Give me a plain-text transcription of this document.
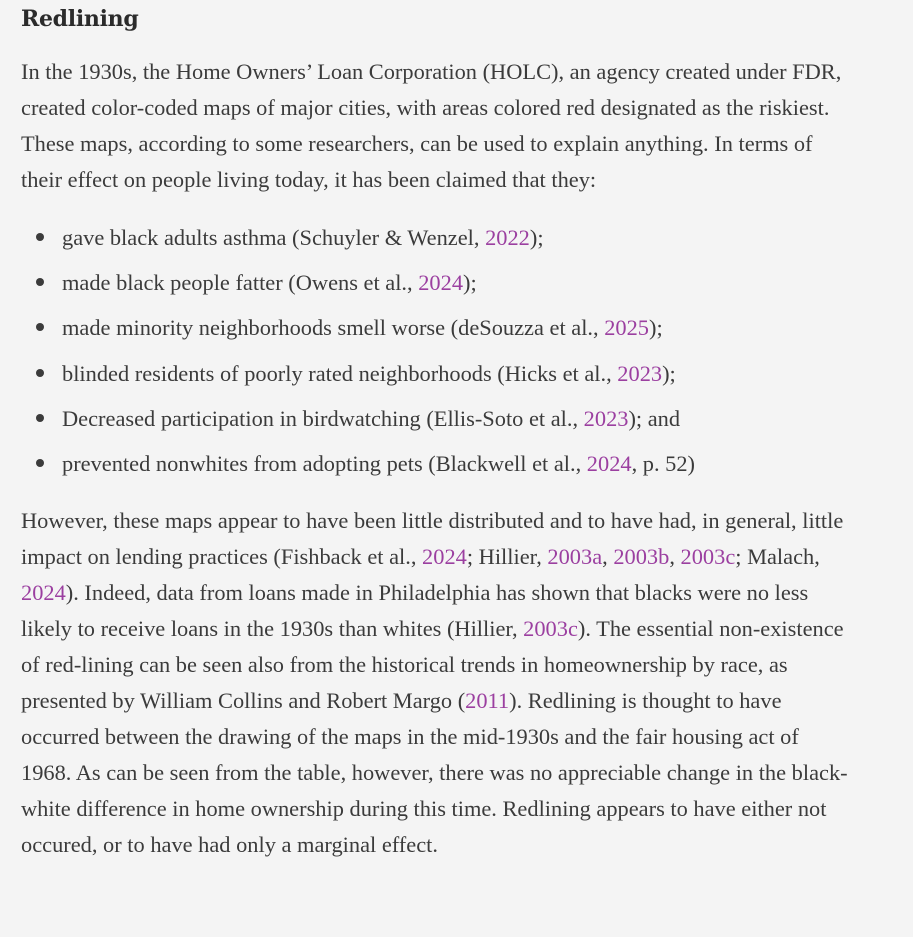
Redlining

In the 1930s, the Home Owners’ Loan Corporation (HOLC), an agency created under FDR, created color-coded maps of major cities, with areas colored red designated as the riskiest. These maps, according to some researchers, can be used to explain anything. In terms of their effect on people living today, it has been claimed that they:

gave black adults asthma (Schuyler & Wenzel, 2022);
made black people fatter (Owens et al., 2024);
made minority neighborhoods smell worse (deSouzza et al., 2025);
blinded residents of poorly rated neighborhoods (Hicks et al., 2023);
Decreased participation in birdwatching (Ellis-Soto et al., 2023); and
prevented nonwhites from adopting pets (Blackwell et al., 2024, p. 52)

However, these maps appear to have been little distributed and to have had, in general, little impact on lending practices (Fishback et al., 2024; Hillier, 2003a, 2003b, 2003c; Malach, 2024). Indeed, data from loans made in Philadelphia has shown that blacks were no less likely to receive loans in the 1930s than whites (Hillier, 2003c). The essential non-existence of red-lining can be seen also from the historical trends in homeownership by race, as presented by William Collins and Robert Margo (2011). Redlining is thought to have occurred between the drawing of the maps in the mid-1930s and the fair housing act of 1968. As can be seen from the table, however, there was no appreciable change in the black-white difference in home ownership during this time. Redlining appears to have either not occured, or to have had only a marginal effect.
